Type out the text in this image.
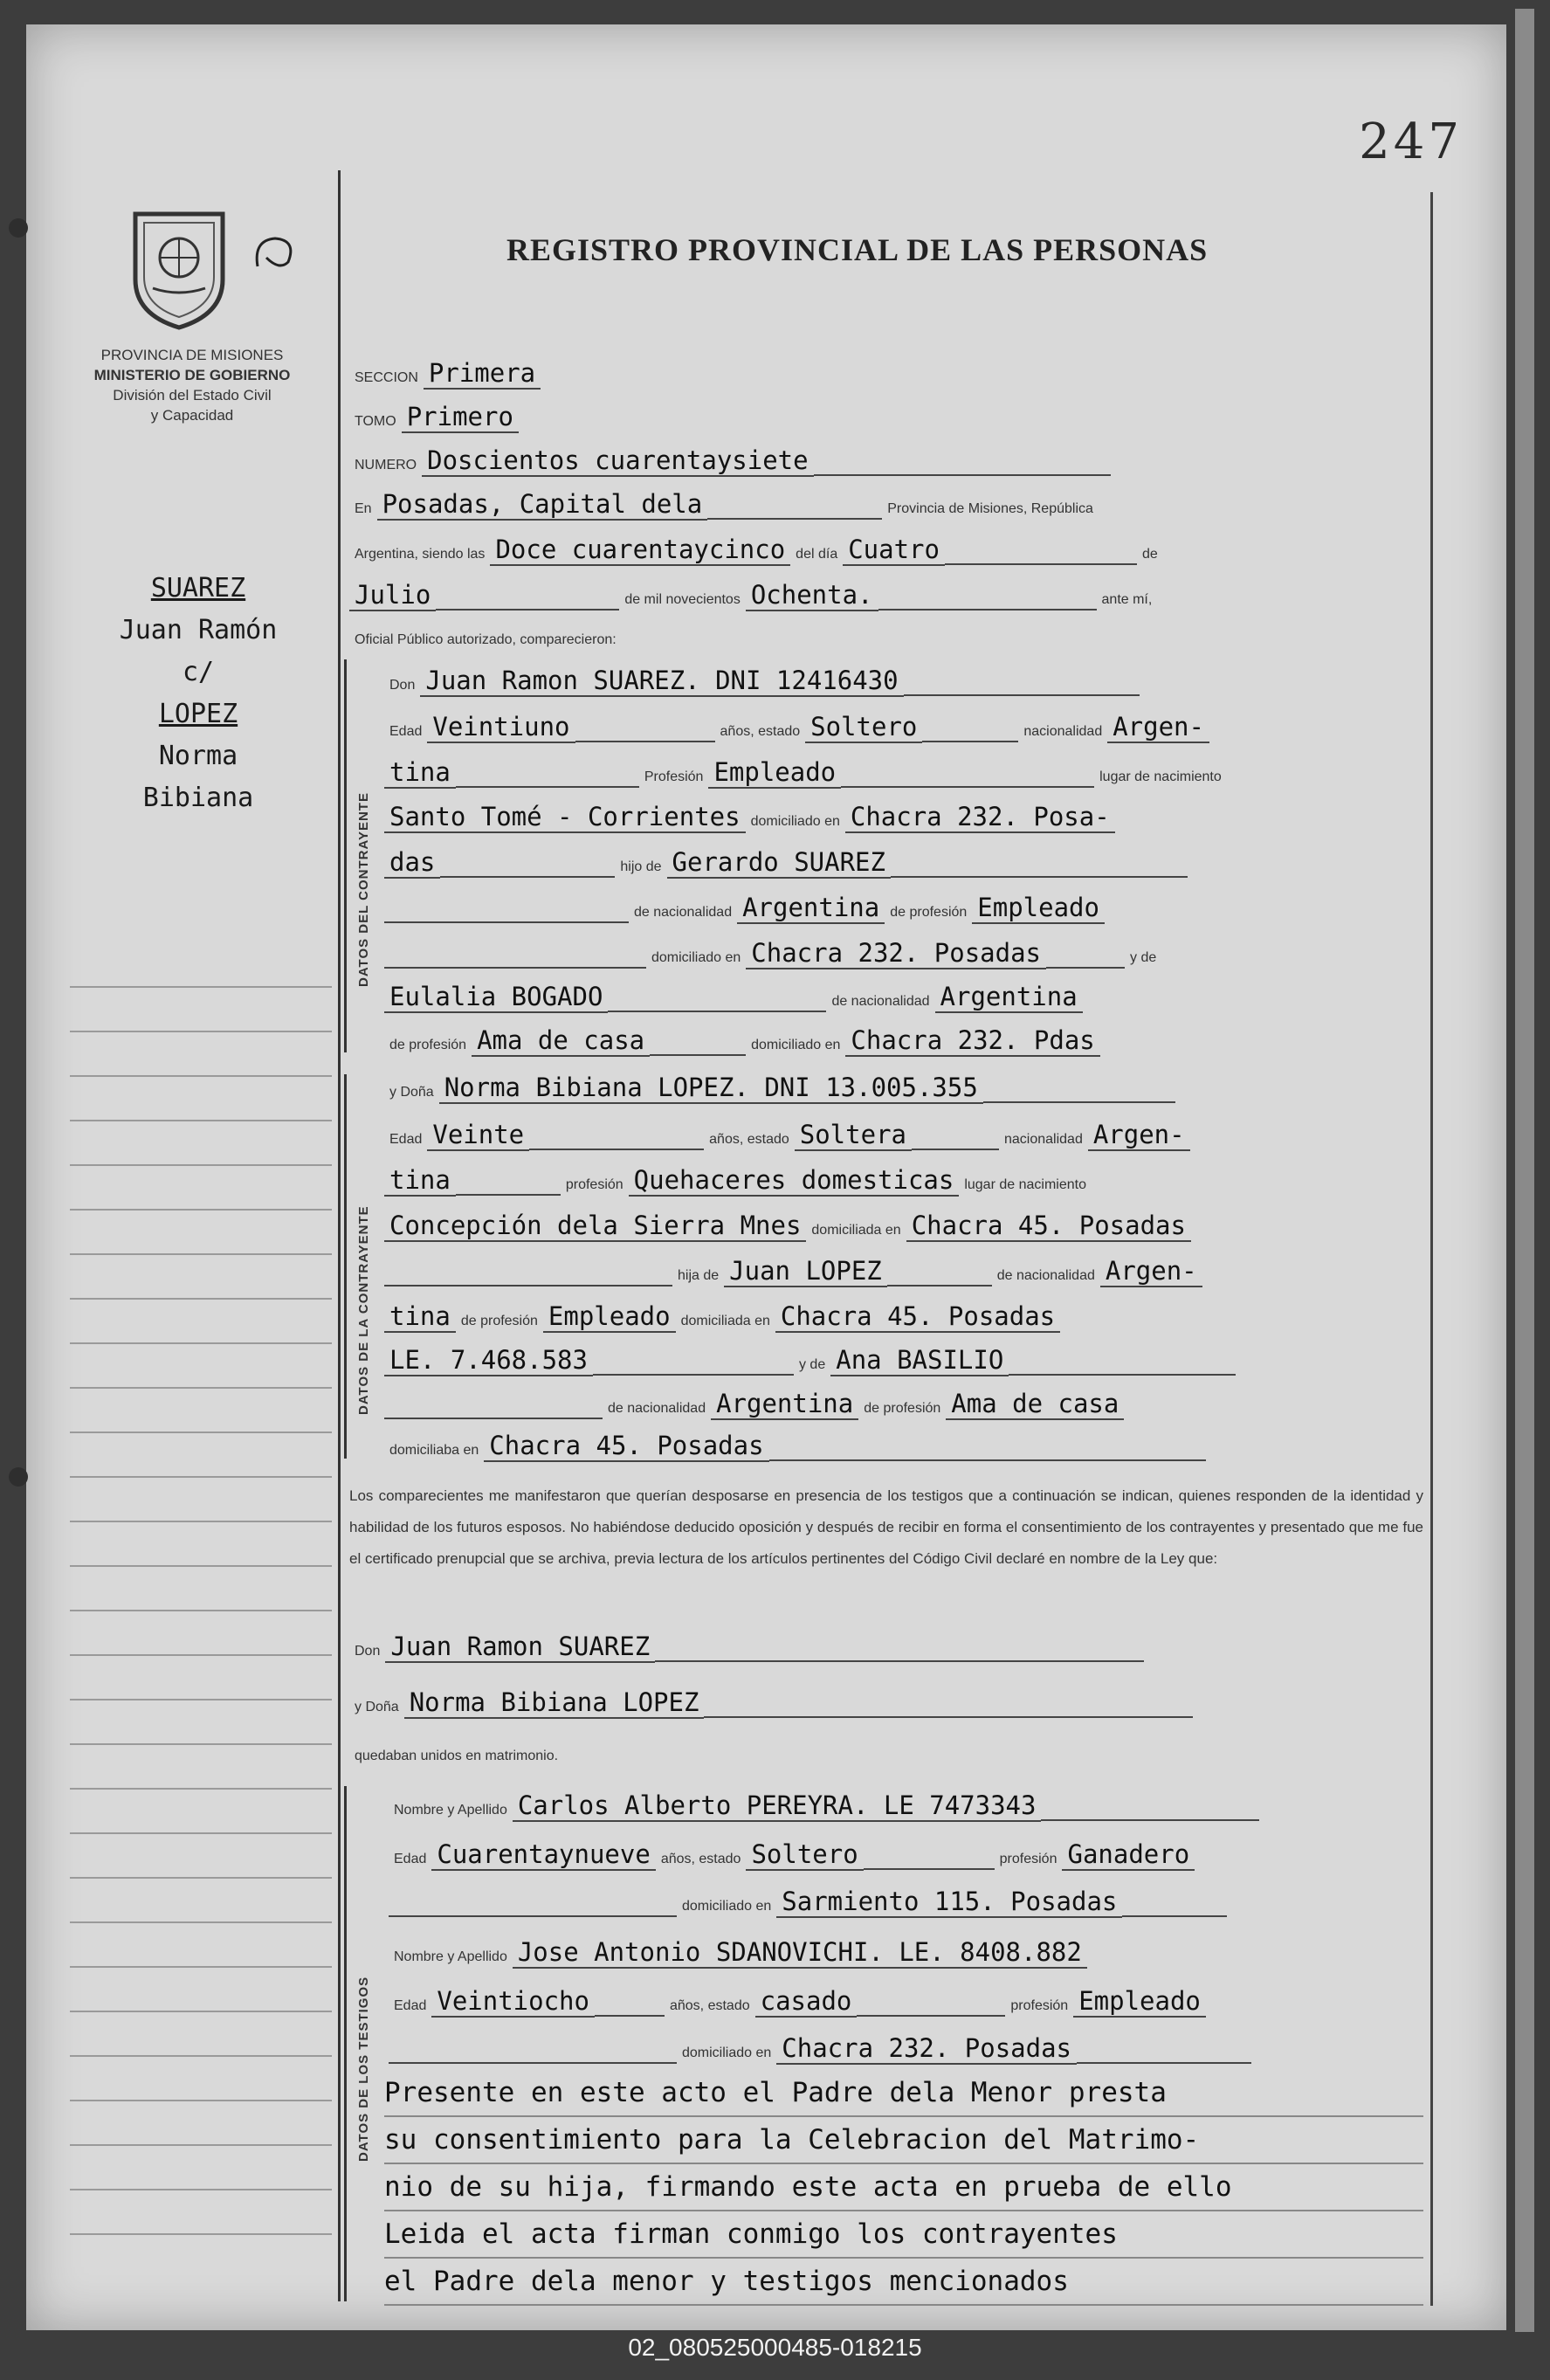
247
REGISTRO PROVINCIAL DE LAS PERSONAS
PROVINCIA DE MISIONES
MINISTERIO DE GOBIERNO
División del Estado Civil
y Capacidad
SUAREZ
Juan Ramón
c/
LOPEZ
Norma
Bibiana
SECCION Primera
TOMO Primero
NUMERO Doscientos cuarentaysiete
En Posadas, Capital dela	Provincia de Misiones, República
Argentina, siendo las Doce cuarentaycinco del día Cuatro	de
Julio	de mil novecientos Ochenta.	ante mí,
Oficial Público autorizado, comparecieron:
DATOS DEL CONTRAYENTE
Don Juan Ramon SUAREZ. DNI 12416430
Edad Veintiuno	años, estado Soltero	nacionalidad Argen-
tina	Profesión Empleado	lugar de nacimiento
Santo Tomé - Corrientes domiciliado en Chacra 232. Posa-
das	hijo de Gerardo SUAREZ
de nacionalidad Argentina de profesión Empleado
domiciliado en Chacra 232. Posadas	y de
Eulalia BOGADO	de nacionalidad Argentina
de profesión Ama de casa	domiciliado en Chacra 232. Pdas
DATOS DE LA CONTRAYENTE
y Doña Norma Bibiana LOPEZ. DNI 13.005.355
Edad Veinte	años, estado Soltera	nacionalidad Argen-
tina	profesión Quehaceres domesticas lugar de nacimiento
Concepción dela Sierra Mnes domiciliada en Chacra 45. Posadas
hija de Juan LOPEZ	de nacionalidad Argen-
tina de profesión Empleado domiciliada en Chacra 45. Posadas
LE. 7.468.583	y de Ana BASILIO
de nacionalidad Argentina de profesión Ama de casa
domiciliaba en Chacra 45. Posadas
Los comparecientes me manifestaron que querían desposarse en presencia de los testigos que a continuación se indican, quienes responden de la identidad y habilidad de los futuros esposos. No habiéndose deducido oposición y después de recibir en forma el consentimiento de los contrayentes y presentado que me fue el certificado prenupcial que se archiva, previa lectura de los artículos pertinentes del Código Civil declaré en nombre de la Ley que:
Don Juan Ramon SUAREZ
y Doña Norma Bibiana LOPEZ
quedaban unidos en matrimonio.
DATOS DE LOS TESTIGOS
Nombre y Apellido Carlos Alberto PEREYRA. LE 7473343
Edad Cuarentaynueve años, estado Soltero	profesión Ganadero
domiciliado en Sarmiento 115. Posadas
Nombre y Apellido Jose Antonio SDANOVICHI. LE. 8408.882
Edad Veintiocho	años, estado casado	profesión Empleado
domiciliado en Chacra 232. Posadas
Presente en este acto el Padre dela Menor presta
su consentimiento para la Celebracion del Matrimo-
nio de su hija, firmando este acta en prueba de ello
Leida el acta firman conmigo los contrayentes
el Padre dela menor y testigos mencionados
02_080525000485-018215
